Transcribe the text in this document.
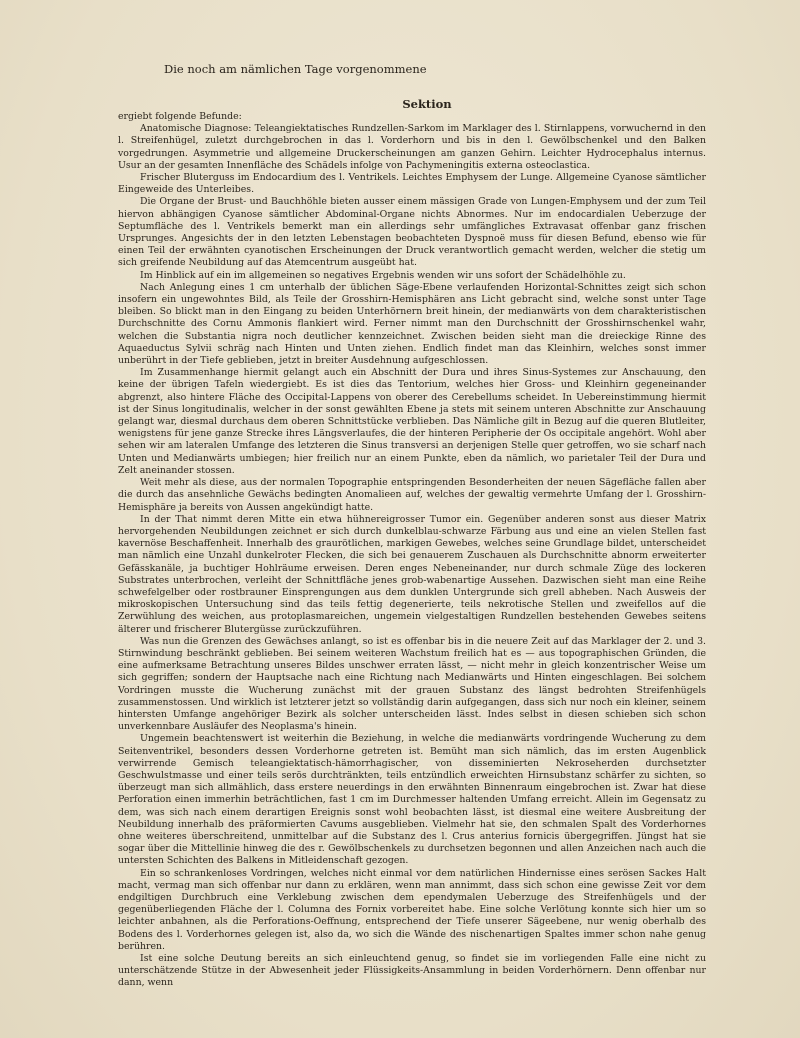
Die noch am nämlichen Tage vorgenommene

Sektion

ergiebt folgende Befunde:

Anatomische Diagnose: Teleangiektatisches Rundzellen-Sarkom im Marklager des l. Stirnlappens, vorwuchernd in den l. Streifenhügel, zuletzt durchgebrochen in das l. Vorderhorn und bis in den l. Gewölbschenkel und den Balken vorgedrungen. Asymmetrie und allgemeine Druckerscheinungen am ganzen Gehirn. Leichter Hydrocephalus internus. Usur an der gesamten Innenfläche des Schädels infolge von Pachymeningitis externa osteoclastica.

Frischer Bluterguss im Endocardium des l. Ventrikels. Leichtes Emphysem der Lunge. Allgemeine Cyanose sämtlicher Eingeweide des Unterleibes.

Die Organe der Brust- und Bauchhöhle bieten ausser einem mässigen Grade von Lungen-Emphysem und der zum Teil hiervon abhängigen Cyanose sämtlicher Abdominal-Organe nichts Abnormes. Nur im endocardialen Ueberzuge der Septumfläche des l. Ventrikels bemerkt man ein allerdings sehr umfängliches Extravasat offenbar ganz frischen Ursprunges. Angesichts der in den letzten Lebenstagen beobachteten Dyspnoë muss für diesen Befund, ebenso wie für einen Teil der erwähnten cyanotischen Erscheinungen der Druck verantwortlich gemacht werden, welcher die stetig um sich greifende Neubildung auf das Atemcentrum ausgeübt hat.

Im Hinblick auf ein im allgemeinen so negatives Ergebnis wenden wir uns sofort der Schädelhöhle zu.

Nach Anlegung eines 1 cm unterhalb der üblichen Säge-Ebene verlaufenden Horizontal-Schnittes zeigt sich schon insofern ein ungewohntes Bild, als Teile der Grosshirn-Hemisphären ans Licht gebracht sind, welche sonst unter Tage bleiben. So blickt man in den Eingang zu beiden Unterhörnern breit hinein, der medianwärts von dem charakteristischen Durchschnitte des Cornu Ammonis flankiert wird. Ferner nimmt man den Durchschnitt der Grosshirnschenkel wahr, welchen die Substantia nigra noch deutlicher kennzeichnet. Zwischen beiden sieht man die dreieckige Rinne des Aquaeductus Sylvii schräg nach Hinten und Unten ziehen. Endlich findet man das Kleinhirn, welches sonst immer unberührt in der Tiefe geblieben, jetzt in breiter Ausdehnung aufgeschlossen.

Im Zusammenhange hiermit gelangt auch ein Abschnitt der Dura und ihres Sinus-Systemes zur Anschauung, den keine der übrigen Tafeln wiedergiebt. Es ist dies das Tentorium, welches hier Gross- und Kleinhirn gegeneinander abgrenzt, also hintere Fläche des Occipital-Lappens von oberer des Cerebellums scheidet. In Uebereinstimmung hiermit ist der Sinus longitudinalis, welcher in der sonst gewählten Ebene ja stets mit seinem unteren Abschnitte zur Anschauung gelangt war, diesmal durchaus dem oberen Schnittstücke verblieben. Das Nämliche gilt in Bezug auf die queren Blutleiter, wenigstens für jene ganze Strecke ihres Längsverlaufes, die der hinteren Peripherie der Os occipitale angehört. Wohl aber sehen wir am lateralen Umfange des letzteren die Sinus transversi an derjenigen Stelle quer getroffen, wo sie scharf nach Unten und Medianwärts umbiegen; hier freilich nur an einem Punkte, eben da nämlich, wo parietaler Teil der Dura und Zelt aneinander stossen.

Weit mehr als diese, aus der normalen Topographie entspringenden Besonderheiten der neuen Sägefläche fallen aber die durch das ansehnliche Gewächs bedingten Anomalieen auf, welches der gewaltig vermehrte Umfang der l. Grosshirn-Hemisphäre ja bereits von Aussen angekündigt hatte.

In der That nimmt deren Mitte ein etwa hühnereigrosser Tumor ein. Gegenüber anderen sonst aus dieser Matrix hervorgehenden Neubildungen zeichnet er sich durch dunkelblau-schwarze Färbung aus und eine an vielen Stellen fast kavernöse Beschaffenheit. Innerhalb des graurötlichen, markigen Gewebes, welches seine Grundlage bildet, unterscheidet man nämlich eine Unzahl dunkelroter Flecken, die sich bei genauerem Zuschauen als Durchschnitte abnorm erweiterter Gefässkanäle, ja buchtiger Hohlräume erweisen. Deren enges Nebeneinander, nur durch schmale Züge des lockeren Substrates unterbrochen, verleiht der Schnittfläche jenes grob-wabenartige Aussehen. Dazwischen sieht man eine Reihe schwefelgelber oder rostbrauner Einsprengungen aus dem dunklen Untergrunde sich grell abheben. Nach Ausweis der mikroskopischen Untersuchung sind das teils fettig degenerierte, teils nekrotische Stellen und zweifellos auf die Zerwühlung des weichen, aus protoplasmareichen, ungemein vielgestaltigen Rundzellen bestehenden Gewebes seitens älterer und frischerer Blutergüsse zurückzuführen.

Was nun die Grenzen des Gewächses anlangt, so ist es offenbar bis in die neuere Zeit auf das Marklager der 2. und 3. Stirnwindung beschränkt geblieben. Bei seinem weiteren Wachstum freilich hat es — aus topographischen Gründen, die eine aufmerksame Betrachtung unseres Bildes unschwer erraten lässt, — nicht mehr in gleich konzentrischer Weise um sich gegriffen; sondern der Hauptsache nach eine Richtung nach Medianwärts und Hinten eingeschlagen. Bei solchem Vordringen musste die Wucherung zunächst mit der grauen Substanz des längst bedrohten Streifenhügels zusammenstossen. Und wirklich ist letzterer jetzt so vollständig darin aufgegangen, dass sich nur noch ein kleiner, seinem hintersten Umfange angehöriger Bezirk als solcher unterscheiden lässt. Indes selbst in diesen schieben sich schon unverkennbare Ausläufer des Neoplasma's hinein.

Ungemein beachtenswert ist weiterhin die Beziehung, in welche die medianwärts vordringende Wucherung zu dem Seitenventrikel, besonders dessen Vorderhorne getreten ist. Bemüht man sich nämlich, das im ersten Augenblick verwirrende Gemisch teleangiektatisch-hämorrhagischer, von disseminierten Nekroseherden durchsetzter Geschwulstmasse und einer teils serös durchtränkten, teils entzündlich erweichten Hirnsubstanz schärfer zu sichten, so überzeugt man sich allmählich, dass erstere neuerdings in den erwähnten Binnenraum eingebrochen ist. Zwar hat diese Perforation einen immerhin beträchtlichen, fast 1 cm im Durchmesser haltenden Umfang erreicht. Allein im Gegensatz zu dem, was sich nach einem derartigen Ereignis sonst wohl beobachten lässt, ist diesmal eine weitere Ausbreitung der Neubildung innerhalb des präformierten Cavums ausgeblieben. Vielmehr hat sie, den schmalen Spalt des Vorderhornes ohne weiteres überschreitend, unmittelbar auf die Substanz des l. Crus anterius fornicis übergegriffen. Jüngst hat sie sogar über die Mittellinie hinweg die des r. Gewölbschenkels zu durchsetzen begonnen und allen Anzeichen nach auch die untersten Schichten des Balkens in Mitleidenschaft gezogen.

Ein so schrankenloses Vordringen, welches nicht einmal vor dem natürlichen Hindernisse eines serösen Sackes Halt macht, vermag man sich offenbar nur dann zu erklären, wenn man annimmt, dass sich schon eine gewisse Zeit vor dem endgiltigen Durchbruch eine Verklebung zwischen dem ependymalen Ueberzuge des Streifenhügels und der gegenüberliegenden Fläche der l. Columna des Fornix vorbereitet habe. Eine solche Verlötung konnte sich hier um so leichter anbahnen, als die Perforations-Oeffnung, entsprechend der Tiefe unserer Sägeebene, nur wenig oberhalb des Bodens des l. Vorderhornes gelegen ist, also da, wo sich die Wände des nischenartigen Spaltes immer schon nahe genug berühren.

Ist eine solche Deutung bereits an sich einleuchtend genug, so findet sie im vorliegenden Falle eine nicht zu unterschätzende Stütze in der Abwesenheit jeder Flüssigkeits-Ansammlung in beiden Vorderhörnern. Denn offenbar nur dann, wenn
